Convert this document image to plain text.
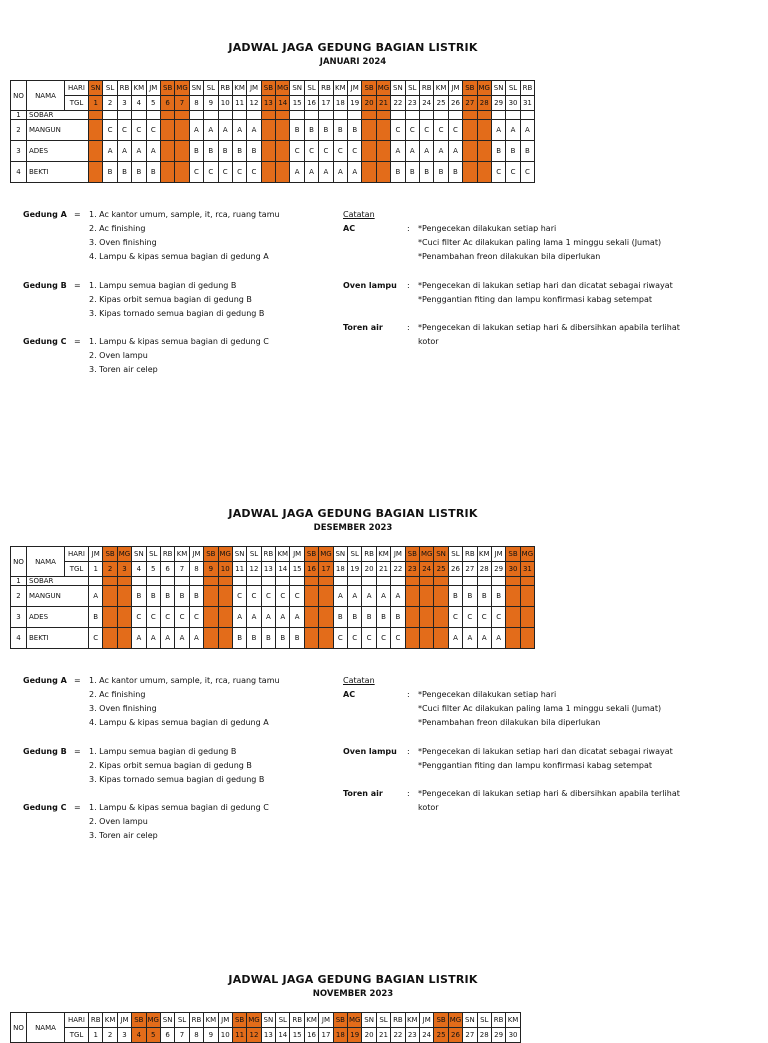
JADWAL JAGA GEDUNG BAGIAN LISTRIK
JANUARI 2024
NO	NAMA	HARI	SN	SL	RB	KM	JM	SB	MG	SN	SL	RB	KM	JM	SB	MG	SN	SL	RB	KM	JM	SB	MG	SN	SL	RB	KM	JM	SB	MG	SN	SL	RB
		TGL	1	2	3	4	5	6	7	8	9	10	11	12	13	14	15	16	17	18	19	20	21	22	23	24	25	26	27	28	29	30	31
1	SOBAR																																
2	MANGUN			C	C	C	C			A	A	A	A	A			B	B	B	B	B			C	C	C	C	C			A	A	A
3	ADES			A	A	A	A			B	B	B	B	B			C	C	C	C	C			A	A	A	A	A			B	B	B
4	BEKTI			B	B	B	B			C	C	C	C	C			A	A	A	A	A			B	B	B	B	B			C	C	C
Gedung A = 1. Ac kantor umum, sample, it, rca, ruang tamu
2. Ac finishing
3. Oven finishing
4. Lampu & kipas semua bagian di gedung A
Gedung B = 1. Lampu semua bagian di gedung B
2. Kipas orbit semua bagian di gedung B
3. Kipas tornado semua bagian di gedung B
Gedung C = 1. Lampu & kipas semua bagian di gedung C
2. Oven lampu
3. Toren air celep
Catatan
AC	: *Pengecekan dilakukan setiap hari
*Cuci filter Ac dilakukan paling lama 1 minggu sekali (Jumat)
*Penambahan freon dilakukan bila diperlukan
Oven lampu : *Pengecekan di lakukan setiap hari dan dicatat sebagai riwayat
*Penggantian fiting dan lampu konfirmasi kabag setempat
Toren air	: *Pengecekan di lakukan setiap hari & dibersihkan apabila terlihat
kotor
JADWAL JAGA GEDUNG BAGIAN LISTRIK
DESEMBER 2023
NO	NAMA	HARI	JM	SB	MG	SN	SL	RB	KM	JM	SB	MG	SN	SL	RB	KM	JM	SB	MG	SN	SL	RB	KM	JM	SB	MG	SN	SL	RB	KM	JM	SB	MG
		TGL	1	2	3	4	5	6	7	8	9	10	11	12	13	14	15	16	17	18	19	20	21	22	23	24	25	26	27	28	29	30	31
1	SOBAR																																
2	MANGUN		A			B	B	B	B	B			C	C	C	C	C			A	A	A	A	A				B	B	B	B		
3	ADES		B			C	C	C	C	C			A	A	A	A	A			B	B	B	B	B				C	C	C	C		
4	BEKTI		C			A	A	A	A	A			B	B	B	B	B			C	C	C	C	C				A	A	A	A		
Gedung A = 1. Ac kantor umum, sample, it, rca, ruang tamu
2. Ac finishing
3. Oven finishing
4. Lampu & kipas semua bagian di gedung A
Gedung B = 1. Lampu semua bagian di gedung B
2. Kipas orbit semua bagian di gedung B
3. Kipas tornado semua bagian di gedung B
Gedung C = 1. Lampu & kipas semua bagian di gedung C
2. Oven lampu
3. Toren air celep
Catatan
AC	: *Pengecekan dilakukan setiap hari
*Cuci filter Ac dilakukan paling lama 1 minggu sekali (Jumat)
*Penambahan freon dilakukan bila diperlukan
Oven lampu : *Pengecekan di lakukan setiap hari dan dicatat sebagai riwayat
*Penggantian fiting dan lampu konfirmasi kabag setempat
Toren air	: *Pengecekan di lakukan setiap hari & dibersihkan apabila terlihat
kotor
JADWAL JAGA GEDUNG BAGIAN LISTRIK
NOVEMBER 2023
NO	NAMA	HARI	RB	KM	JM	SB	MG	SN	SL	RB	KM	JM	SB	MG	SN	SL	RB	KM	JM	SB	MG	SN	SL	RB	KM	JM	SB	MG	SN	SL	RB	KM
		TGL	1	2	3	4	5	6	7	8	9	10	11	12	13	14	15	16	17	18	19	20	21	22	23	24	25	26	27	28	29	30
